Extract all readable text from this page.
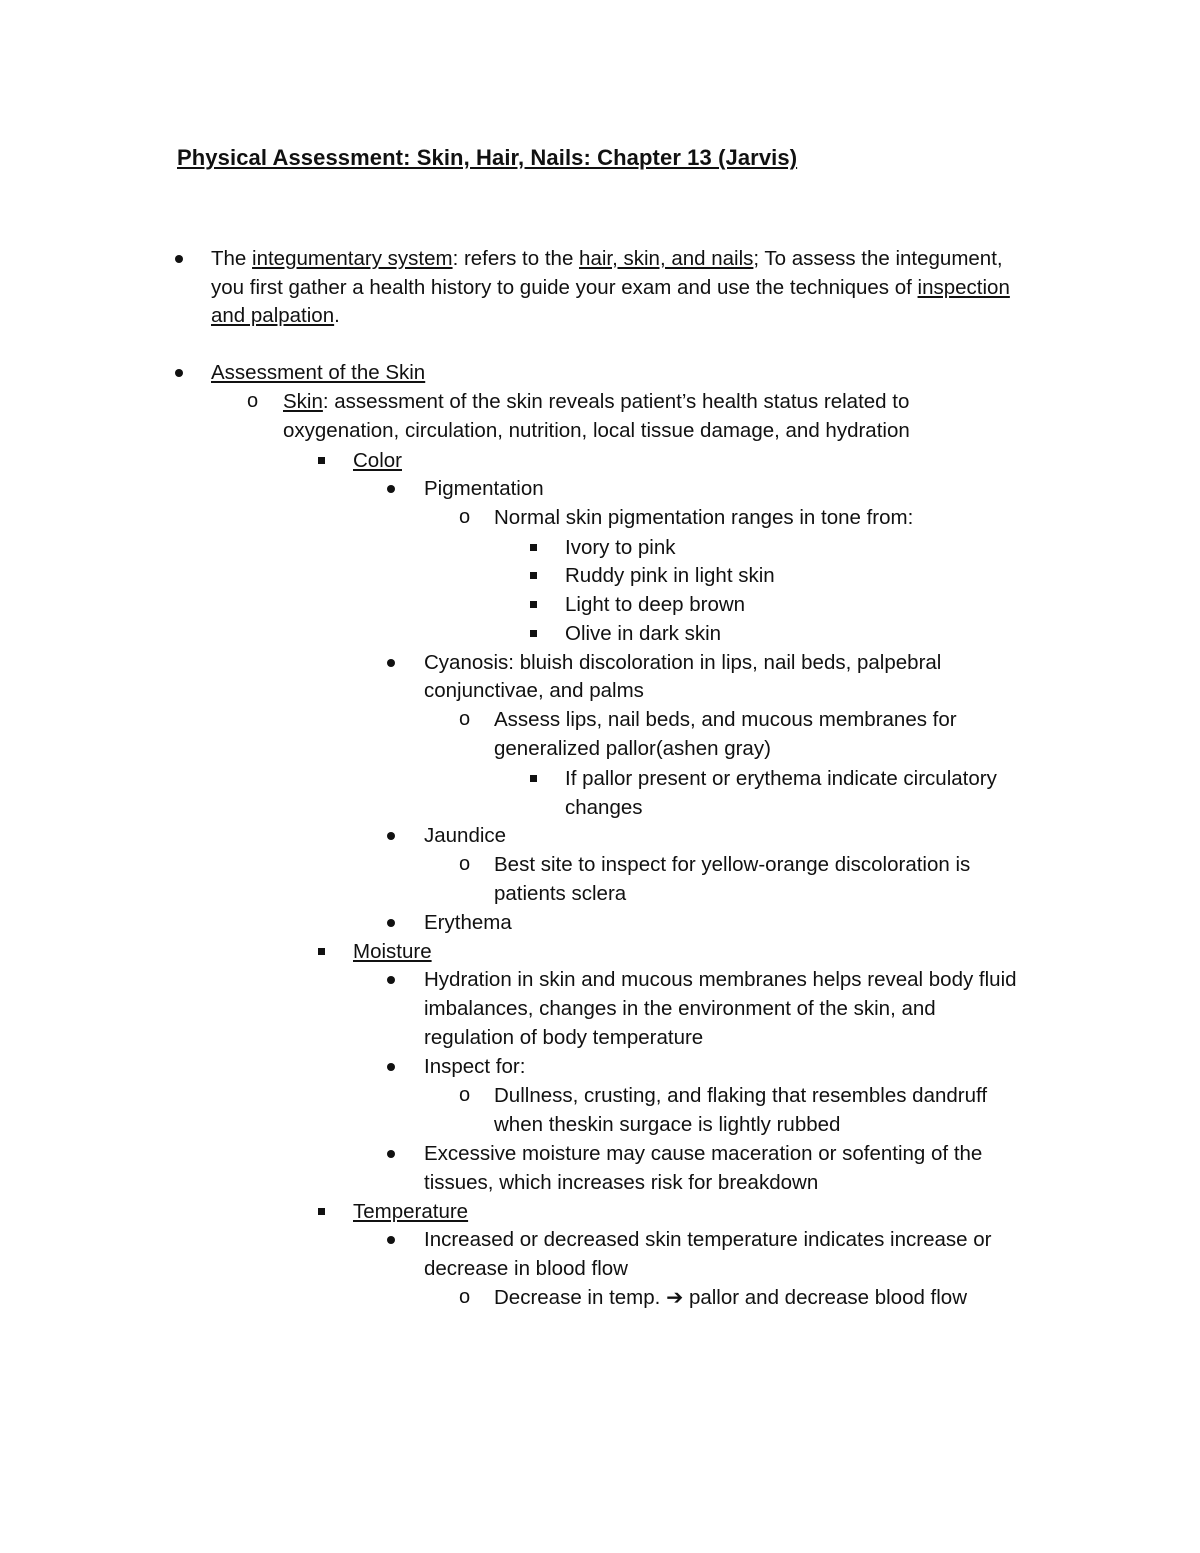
Physical Assessment: Skin, Hair, Nails: Chapter 13 (Jarvis)
The integumentary system: refers to the hair, skin, and nails; To assess the integument,
you first gather a health history to guide your exam and use the techniques of inspection
and palpation.
Assessment of the Skin
o Skin: assessment of the skin reveals patient’s health status related to
oxygenation, circulation, nutrition, local tissue damage, and hydration
Color
Pigmentation
o Normal skin pigmentation ranges in tone from:
Ivory to pink
Ruddy pink in light skin
Light to deep brown
Olive in dark skin
Cyanosis: bluish discoloration in lips, nail beds, palpebral
conjunctivae, and palms
o Assess lips, nail beds, and mucous membranes for
generalized pallor(ashen gray)
If pallor present or erythema indicate circulatory
changes
Jaundice
o Best site to inspect for yellow-orange discoloration is
patients sclera
Erythema
Moisture
Hydration in skin and mucous membranes helps reveal body fluid
imbalances, changes in the environment of the skin, and
regulation of body temperature
Inspect for:
o Dullness, crusting, and flaking that resembles dandruff
when theskin surgace is lightly rubbed
Excessive moisture may cause maceration or sofenting of the
tissues, which increases risk for breakdown
Temperature
Increased or decreased skin temperature indicates increase or
decrease in blood flow
o Decrease in temp. ➔ pallor and decrease blood flow
